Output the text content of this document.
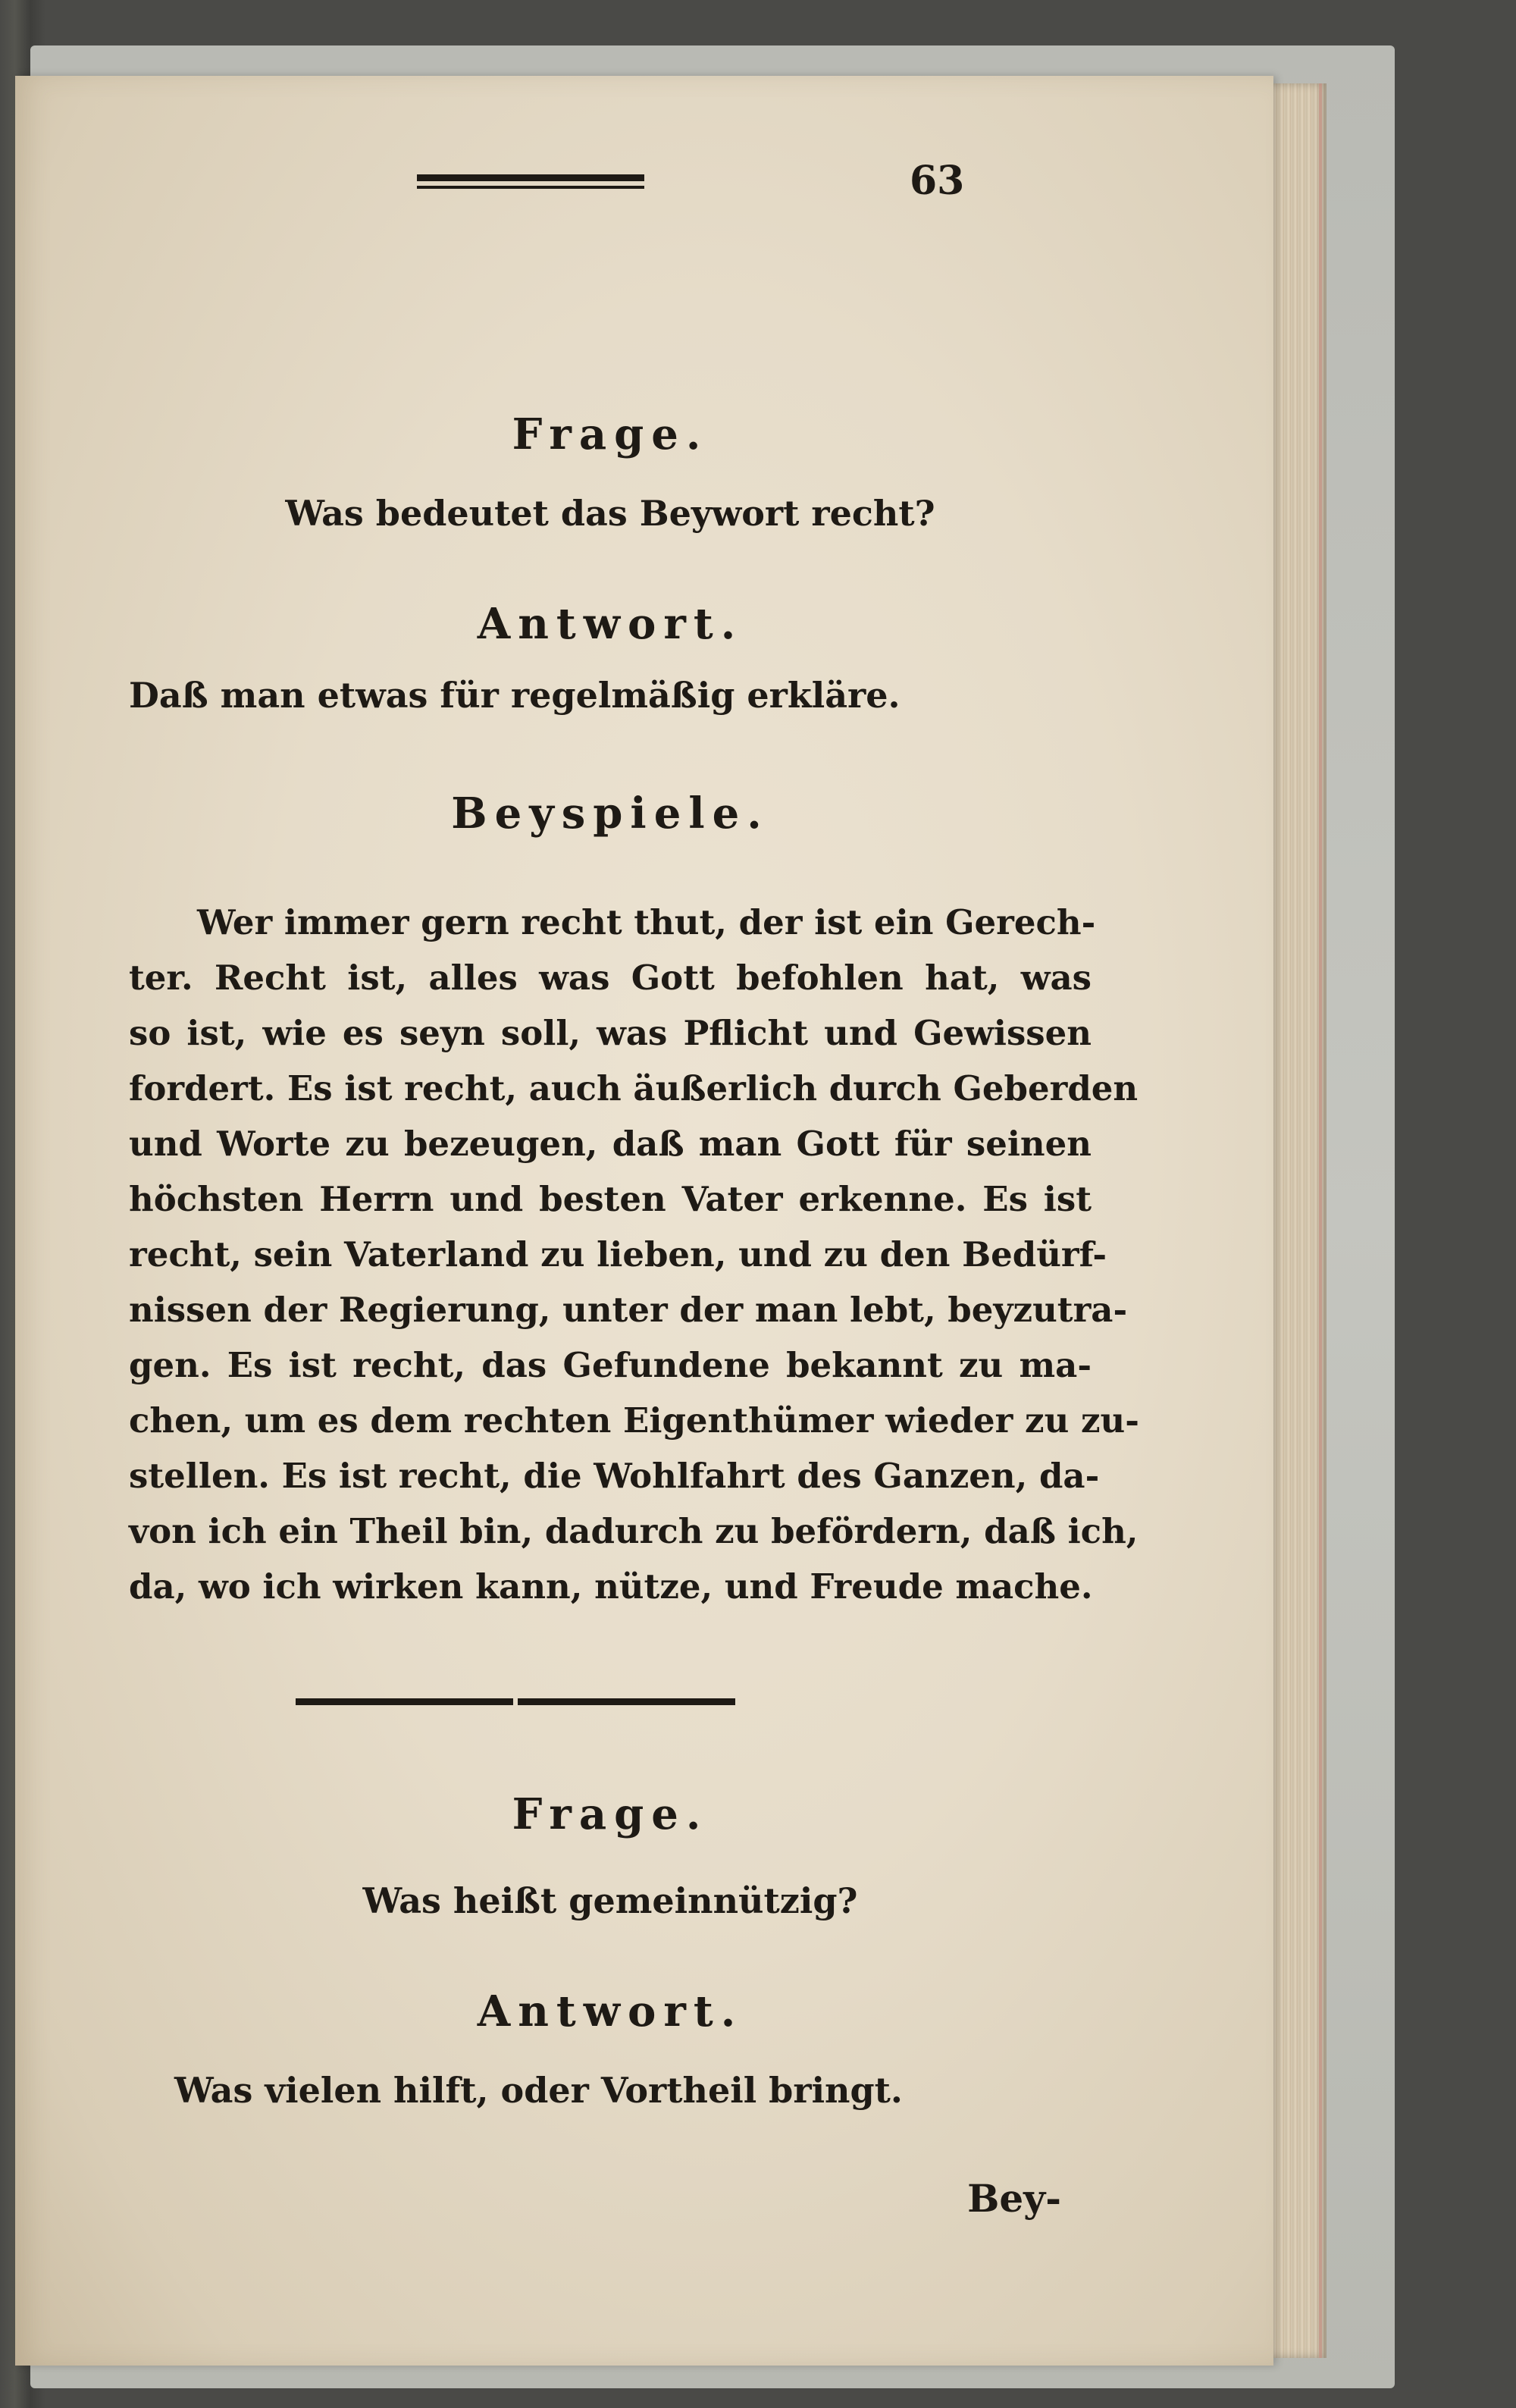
63

Frage.

Was bedeutet das Beywort recht?

Antwort.

Daß man etwas für regelmäßig erkläre.

Beyspiele.

Wer immer gern recht thut, der ist ein Gerech-
ter. Recht ist, alles was Gott befohlen hat, was
so ist, wie es seyn soll, was Pflicht und Gewissen
fordert. Es ist recht, auch äußerlich durch Geberden
und Worte zu bezeugen, daß man Gott für seinen
höchsten Herrn und besten Vater erkenne. Es ist
recht, sein Vaterland zu lieben, und zu den Bedürf-
nissen der Regierung, unter der man lebt, beyzutra-
gen. Es ist recht, das Gefundene bekannt zu ma-
chen, um es dem rechten Eigenthümer wieder zu zu-
stellen. Es ist recht, die Wohlfahrt des Ganzen, da-
von ich ein Theil bin, dadurch zu befördern, daß ich,
da, wo ich wirken kann, nütze, und Freude mache.

Frage.

Was heißt gemeinnützig?

Antwort.

Was vielen hilft, oder Vortheil bringt.

Bey-
